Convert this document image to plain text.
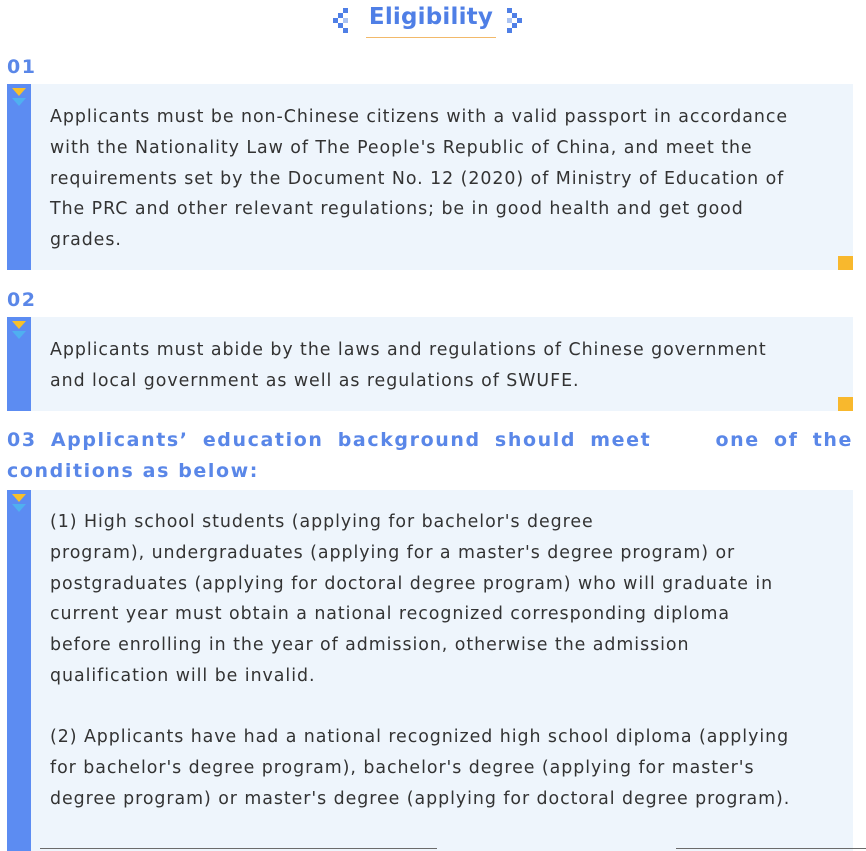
Eligibility
01
Applicants must be non-Chinese citizens with a valid passport in accordance
with the Nationality Law of The People's Republic of China, and meet the
requirements set by the Document No. 12 (2020) of Ministry of Education of
The PRC and other relevant regulations; be in good health and get good
grades.
02
Applicants must abide by the laws and regulations of Chinese government
and local government as well as regulations of SWUFE.
03 Applicants’ education background should meet	one of the
conditions as below:
(1) High school students (applying for bachelor's degree
program), undergraduates (applying for a master's degree program) or
postgraduates (applying for doctoral degree program) who will graduate in
current year must obtain a national recognized corresponding diploma
before enrolling in the year of admission, otherwise the admission
qualification will be invalid.
(2) Applicants have had a national recognized high school diploma (applying
for bachelor's degree program), bachelor's degree (applying for master's
degree program) or master's degree (applying for doctoral degree program).
